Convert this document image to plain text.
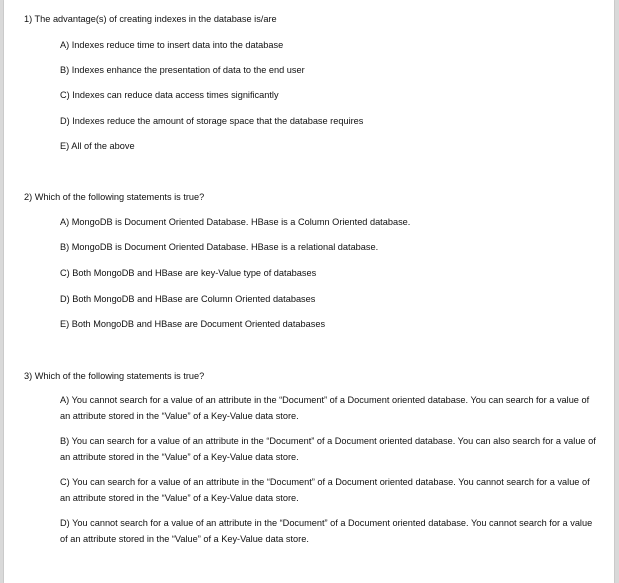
1) The advantage(s) of creating indexes in the database is/are
A) Indexes reduce time to insert data into the database
B) Indexes enhance the presentation of data to the end user
C) Indexes can reduce data access times significantly
D) Indexes reduce the amount of storage space that the database requires
E) All of the above
2) Which of the following statements is true?
A) MongoDB is Document Oriented Database. HBase is a Column Oriented database.
B) MongoDB is Document Oriented Database. HBase is a relational database.
C) Both MongoDB and HBase are key-Value type of databases
D) Both MongoDB and HBase are Column Oriented databases
E) Both MongoDB and HBase are Document Oriented databases
3) Which of the following statements is true?
A) You cannot search for a value of an attribute in the “Document” of a Document oriented database. You can search for a value of an attribute stored in the “Value” of a Key-Value data store.
B) You can search for a value of an attribute in the “Document” of a Document oriented database. You can also search for a value of an attribute stored in the “Value” of a Key-Value data store.
C) You can search for a value of an attribute in the “Document” of a Document oriented database. You cannot search for a value of an attribute stored in the “Value” of a Key-Value data store.
D) You cannot search for a value of an attribute in the “Document” of a Document oriented database. You cannot search for a value of an attribute stored in the “Value” of a Key-Value data store.
